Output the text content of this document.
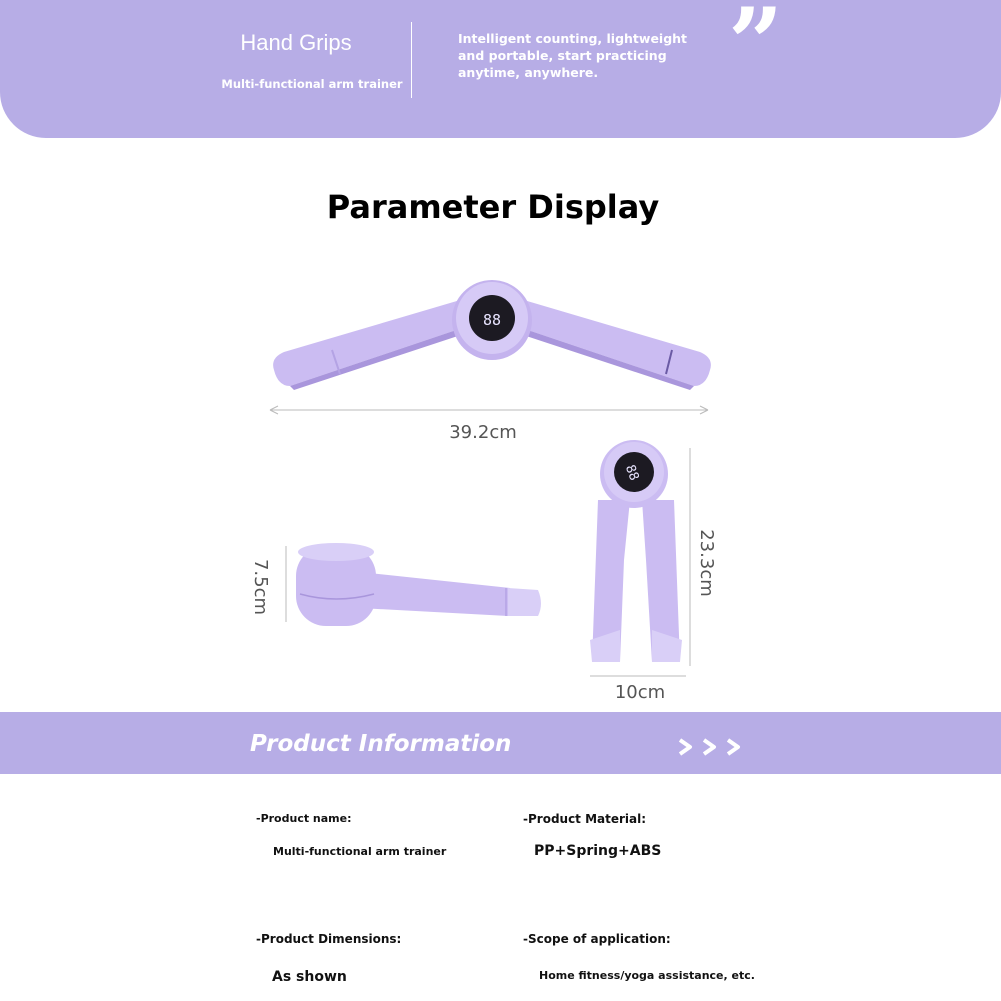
Hand Grips
Multi-functional arm trainer
Intelligent counting, lightweight and portable, start practicing anytime, anywhere.	”
Parameter Display
88
39.2cm
7.5cm
88
23.3cm
10cm
Product Information
-Product name:
Multi-functional arm trainer
-Product Material:
PP+Spring+ABS
-Product Dimensions:
As shown
-Scope of application:
Home fitness/yoga assistance, etc.
